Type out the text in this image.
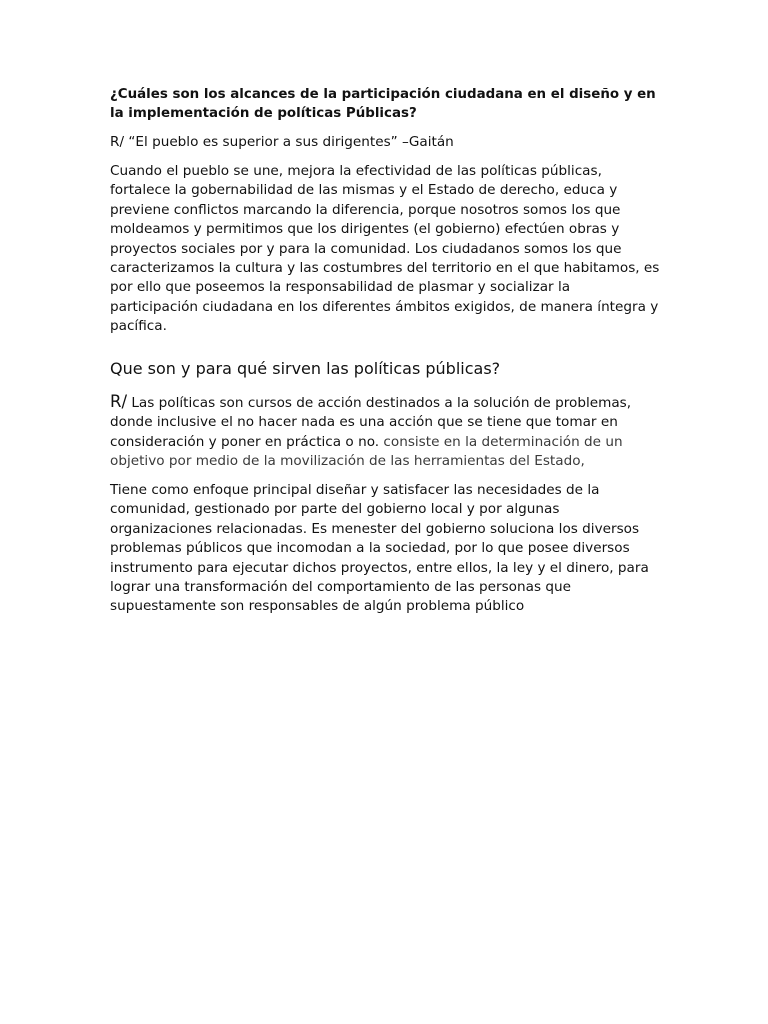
¿Cuáles son los alcances de la participación ciudadana en el diseño y en la implementación de políticas Públicas?

R/ “El pueblo es superior a sus dirigentes” –Gaitán

Cuando el pueblo se une, mejora la efectividad de las políticas públicas, fortalece la gobernabilidad de las mismas y el Estado de derecho, educa y previene conflictos marcando la diferencia, porque nosotros somos los que moldeamos y permitimos que los dirigentes (el gobierno) efectúen obras y proyectos sociales por y para la comunidad. Los ciudadanos somos los que caracterizamos la cultura y las costumbres del territorio en el que habitamos, es por ello que poseemos la responsabilidad de plasmar y socializar la participación ciudadana en los diferentes ámbitos exigidos, de manera íntegra y pacífica.

Que son y para qué sirven las políticas públicas?

R/ Las políticas son cursos de acción destinados a la solución de problemas, donde inclusive el no hacer nada es una acción que se tiene que tomar en consideración y poner en práctica o no. consiste en la determinación de un objetivo por medio de la movilización de las herramientas del Estado,

Tiene como enfoque principal diseñar y satisfacer las necesidades de la comunidad, gestionado por parte del gobierno local y por algunas organizaciones relacionadas. Es menester del gobierno soluciona los diversos problemas públicos que incomodan a la sociedad, por lo que posee diversos instrumento para ejecutar dichos proyectos, entre ellos, la ley y el dinero, para lograr una transformación del comportamiento de las personas que supuestamente son responsables de algún problema público
